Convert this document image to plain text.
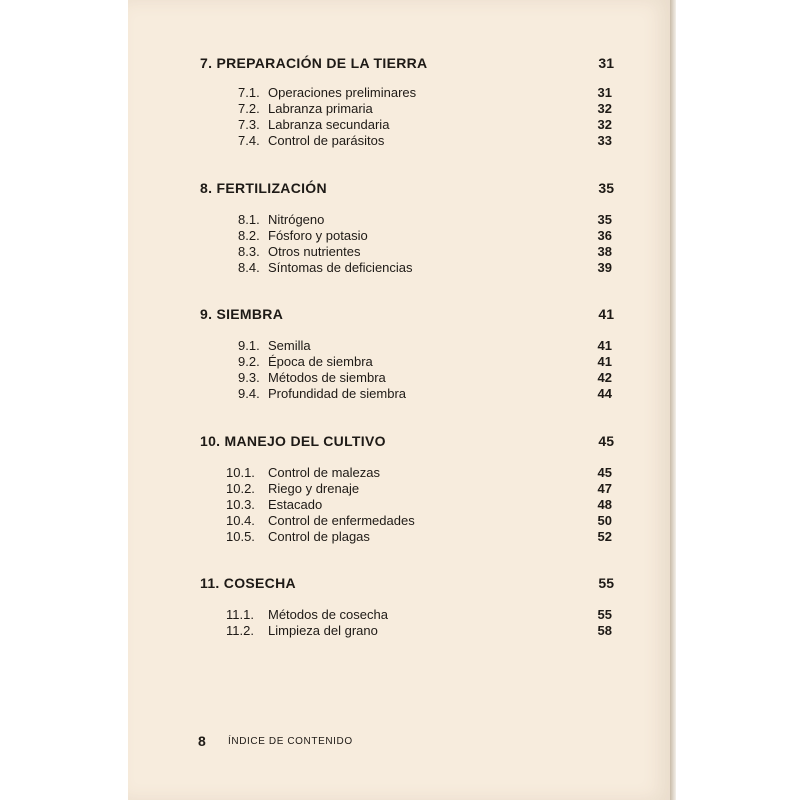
7. PREPARACIÓN DE LA TIERRA	31
7.1. Operaciones preliminares	31
7.2. Labranza primaria	32
7.3. Labranza secundaria	32
7.4. Control de parásitos	33
8. FERTILIZACIÓN	35
8.1. Nitrógeno	35
8.2. Fósforo y potasio	36
8.3. Otros nutrientes	38
8.4. Síntomas de deficiencias	39
9. SIEMBRA	41
9.1. Semilla	41
9.2. Época de siembra	41
9.3. Métodos de siembra	42
9.4. Profundidad de siembra	44
10. MANEJO DEL CULTIVO	45
10.1. Control de malezas	45
10.2. Riego y drenaje	47
10.3. Estacado	48
10.4. Control de enfermedades	50
10.5. Control de plagas	52
11. COSECHA	55
11.1. Métodos de cosecha	55
11.2. Limpieza del grano	58
8 ÍNDICE DE CONTENIDO
